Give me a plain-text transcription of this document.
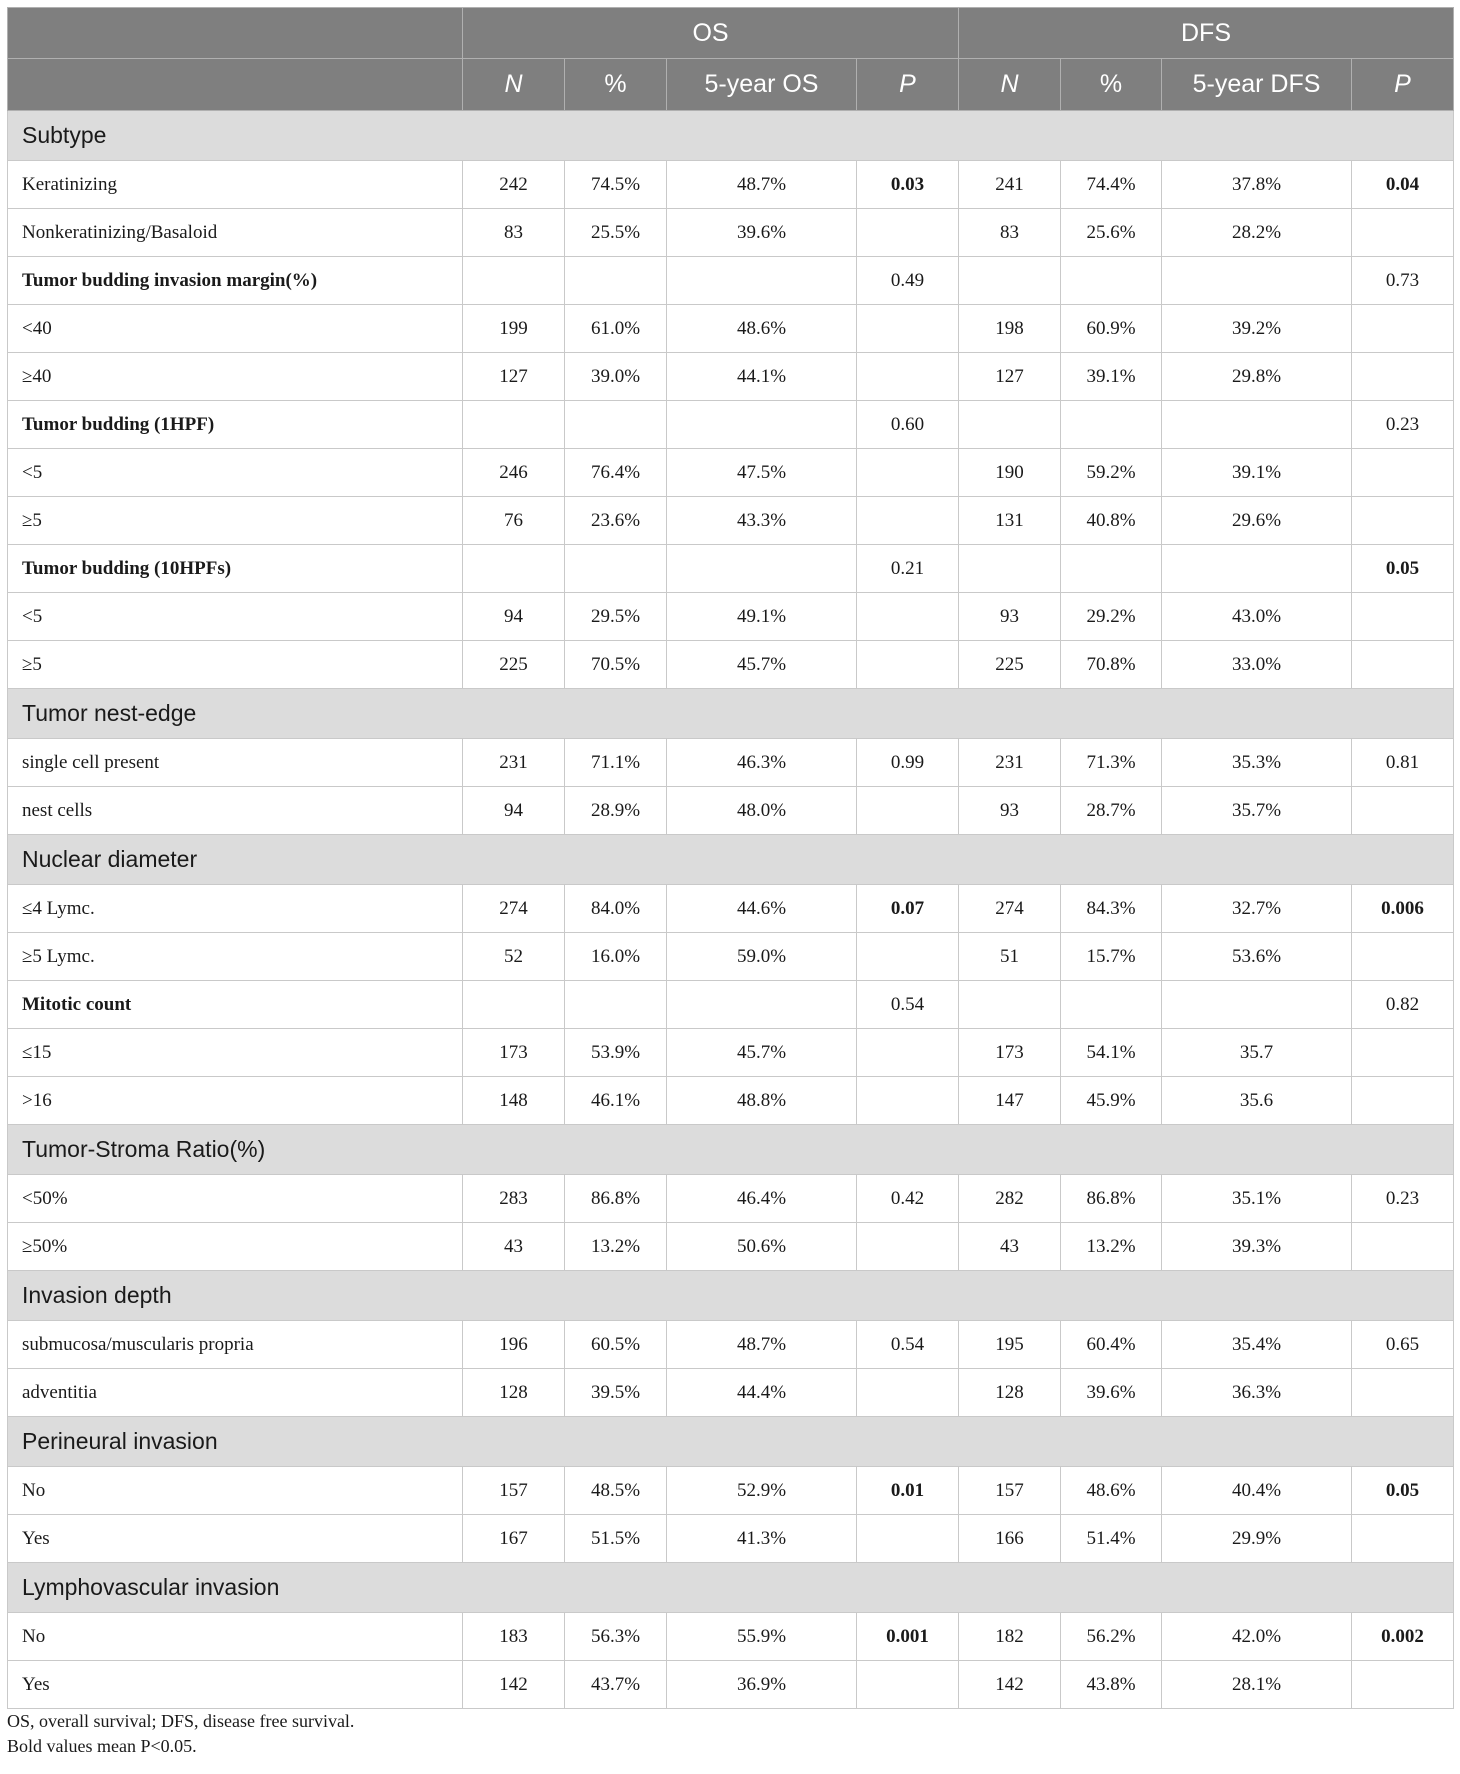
	OS				DFS			
	N	%	5-year OS	P	N	%	5-year DFS	P
Subtype								
Keratinizing	242	74.5%	48.7%	0.03	241	74.4%	37.8%	0.04
Nonkeratinizing/Basaloid	83	25.5%	39.6%		83	25.6%	28.2%	
Tumor budding invasion margin(%)				0.49				0.73
<40	199	61.0%	48.6%		198	60.9%	39.2%	
≥40	127	39.0%	44.1%		127	39.1%	29.8%	
Tumor budding (1HPF)				0.60				0.23
<5	246	76.4%	47.5%		190	59.2%	39.1%	
≥5	76	23.6%	43.3%		131	40.8%	29.6%	
Tumor budding (10HPFs)				0.21				0.05
<5	94	29.5%	49.1%		93	29.2%	43.0%	
≥5	225	70.5%	45.7%		225	70.8%	33.0%	
Tumor nest-edge								
single cell present	231	71.1%	46.3%	0.99	231	71.3%	35.3%	0.81
nest cells	94	28.9%	48.0%		93	28.7%	35.7%	
Nuclear diameter								
≤4 Lymc.	274	84.0%	44.6%	0.07	274	84.3%	32.7%	0.006
≥5 Lymc.	52	16.0%	59.0%		51	15.7%	53.6%	
Mitotic count				0.54				0.82
≤15	173	53.9%	45.7%		173	54.1%	35.7	
>16	148	46.1%	48.8%		147	45.9%	35.6	
Tumor-Stroma Ratio(%)								
<50%	283	86.8%	46.4%	0.42	282	86.8%	35.1%	0.23
≥50%	43	13.2%	50.6%		43	13.2%	39.3%	
Invasion depth								
submucosa/muscularis propria	196	60.5%	48.7%	0.54	195	60.4%	35.4%	0.65
adventitia	128	39.5%	44.4%		128	39.6%	36.3%	
Perineural invasion								
No	157	48.5%	52.9%	0.01	157	48.6%	40.4%	0.05
Yes	167	51.5%	41.3%		166	51.4%	29.9%	
Lymphovascular invasion								
No	183	56.3%	55.9%	0.001	182	56.2%	42.0%	0.002
Yes	142	43.7%	36.9%		142	43.8%	28.1%	
OS, overall survival; DFS, disease free survival.
Bold values mean P<0.05.
